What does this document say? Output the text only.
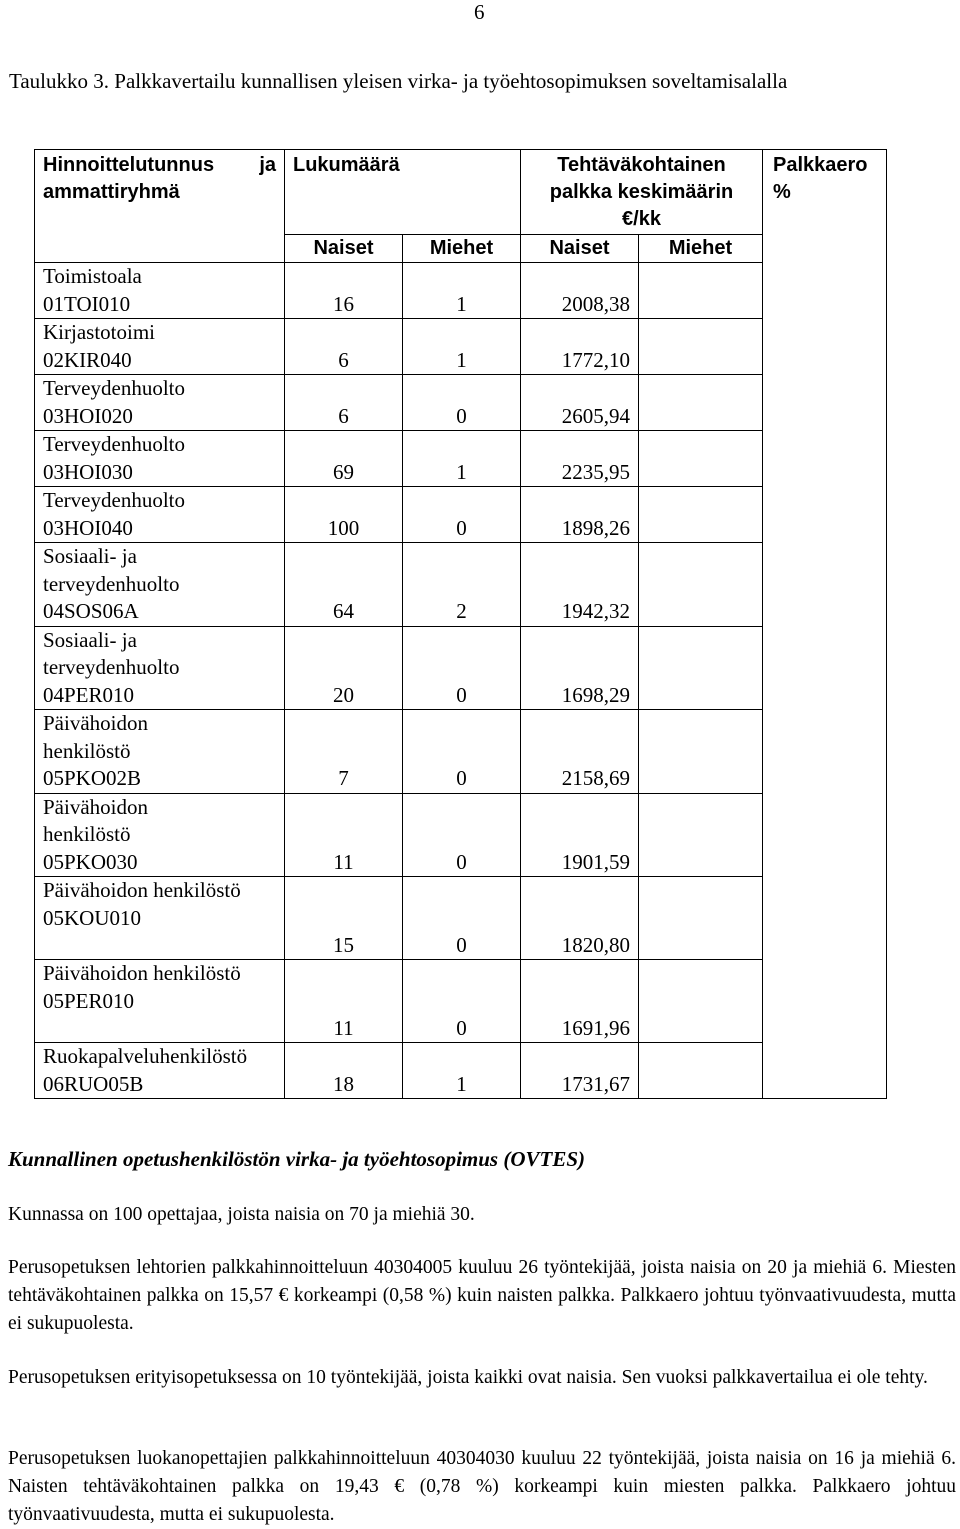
6
Taulukko 3. Palkkavertailu kunnallisen yleisen virka- ja työehtosopimuksen soveltamisalalla
Hinnoittelutunnus ja ammattiryhmä	Lukumäärä		Tehtäväkohtainen palkka keskimäärin €/kk		Palkkaero %
	Naiset	Miehet	Naiset	Miehet	
Toimistoala
01TOI010	16	1	2008,38		
Kirjastotoimi
02KIR040	6	1	1772,10		
Terveydenhuolto
03HOI020	6	0	2605,94		
Terveydenhuolto
03HOI030	69	1	2235,95		
Terveydenhuolto
03HOI040	100	0	1898,26		
Sosiaali- ja
terveydenhuolto
04SOS06A	64	2	1942,32		
Sosiaali- ja
terveydenhuolto
04PER010	20	0	1698,29		
Päivähoidon
henkilöstö
05PKO02B	7	0	2158,69		
Päivähoidon
henkilöstö
05PKO030	11	0	1901,59		
Päivähoidon henkilöstö
05KOU010	15	0	1820,80		
Päivähoidon henkilöstö
05PER010	11	0	1691,96		
Ruokapalveluhenkilöstö
06RUO05B	18	1	1731,67		
Kunnallinen opetushenkilöstön virka- ja työehtosopimus (OVTES)
Kunnassa on 100 opettajaa, joista naisia on 70 ja miehiä 30.
Perusopetuksen lehtorien palkkahinnoitteluun 40304005 kuuluu 26 työntekijää, joista naisia on 20 ja miehiä 6. Miesten tehtäväkohtainen palkka on 15,57 € korkeampi (0,58 %) kuin naisten palkka. Palkkaero johtuu työnvaativuudesta, mutta ei sukupuolesta.
Perusopetuksen erityisopetuksessa on 10 työntekijää, joista kaikki ovat naisia. Sen vuoksi palkkavertailua ei ole tehty.
Perusopetuksen luokanopettajien palkkahinnoitteluun 40304030 kuuluu 22 työntekijää, joista naisia on 16 ja miehiä 6. Naisten tehtäväkohtainen palkka on 19,43 € (0,78 %) korkeampi kuin miesten palkka. Palkkaero johtuu työnvaativuudesta, mutta ei sukupuolesta.
